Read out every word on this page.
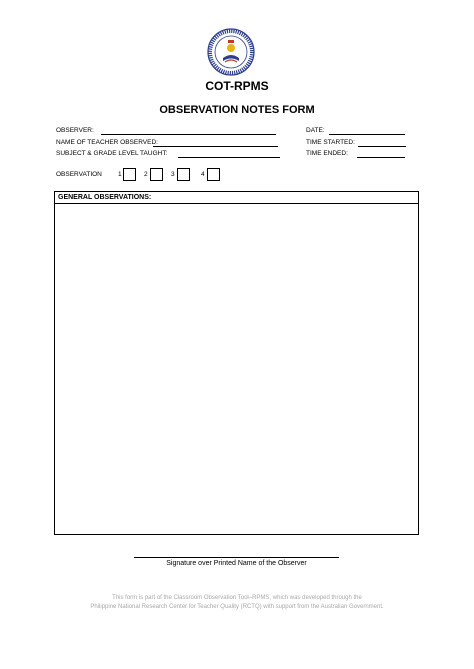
COT-RPMS
OBSERVATION NOTES FORM
OBSERVER:
NAME OF TEACHER OBSERVED:
SUBJECT & GRADE LEVEL TAUGHT:
DATE:
TIME STARTED:
TIME ENDED:
OBSERVATION 1	2	3	4
GENERAL OBSERVATIONS:
Signature over Printed Name of the Observer
This form is part of the Classroom Observation Tool–RPMS, which was developed through the
Philippine National Research Center for Teacher Quality (RCTQ) with support from the Australian Government.
